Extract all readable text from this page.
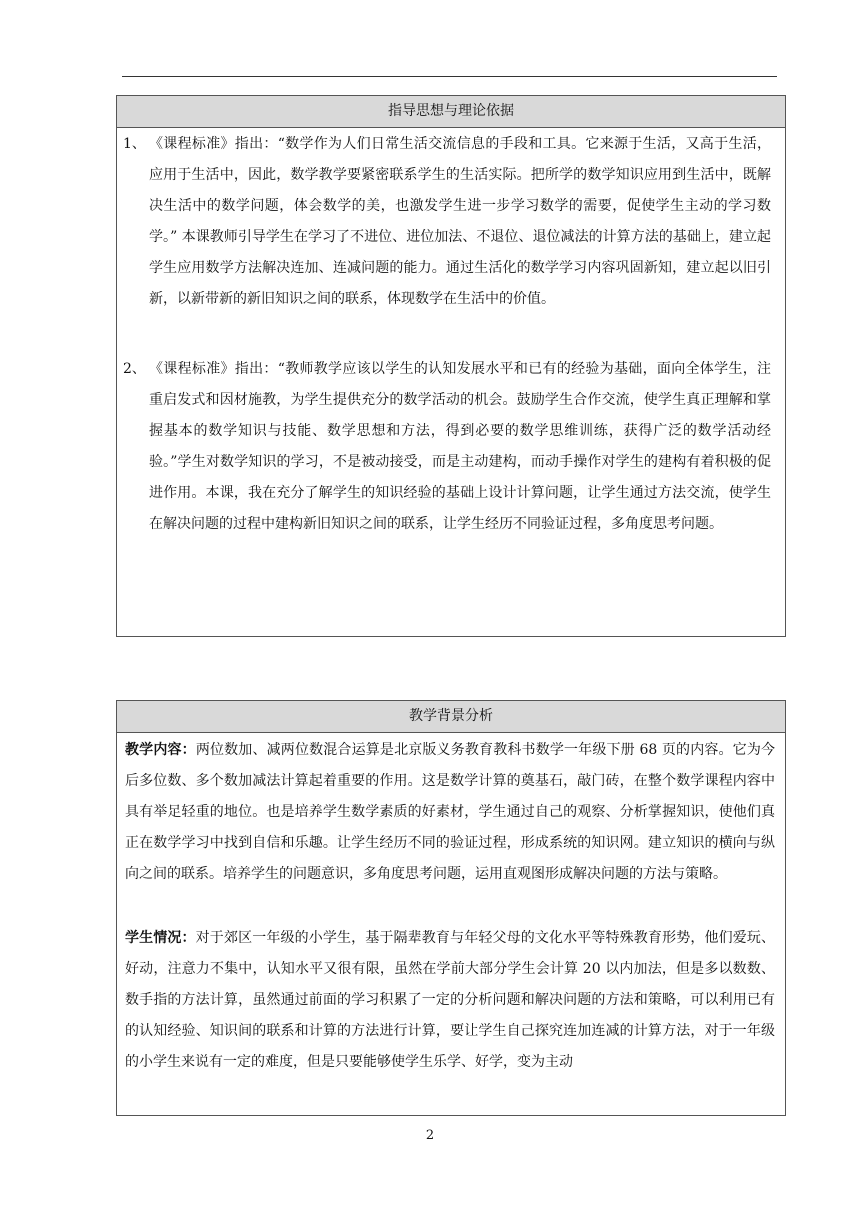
指导思想与理论依据
1、 《课程标准》指出：“数学作为人们日常生活交流信息的手段和工具。它来源于生活，又高于生活，应用于生活中，因此，数学教学要紧密联系学生的生活实际。把所学的数学知识应用到生活中，既解决生活中的数学问题，体会数学的美，也激发学生进一步学习数学的需要，促使学生主动的学习数学。” 本课教师引导学生在学习了不进位、进位加法、不退位、退位减法的计算方法的基础上，建立起学生应用数学方法解决连加、连减问题的能力。通过生活化的数学学习内容巩固新知，建立起以旧引新，以新带新的新旧知识之间的联系，体现数学在生活中的价值。
2、 《课程标准》指出：“教师教学应该以学生的认知发展水平和已有的经验为基础，面向全体学生，注重启发式和因材施教，为学生提供充分的数学活动的机会。鼓励学生合作交流，使学生真正理解和掌握基本的数学知识与技能、数学思想和方法，得到必要的数学思维训练，获得广泛的数学活动经验。”学生对数学知识的学习，不是被动接受，而是主动建构，而动手操作对学生的建构有着积极的促进作用。本课，我在充分了解学生的知识经验的基础上设计计算问题，让学生通过方法交流，使学生在解决问题的过程中建构新旧知识之间的联系，让学生经历不同验证过程，多角度思考问题。
教学背景分析
教学内容：两位数加、减两位数混合运算是北京版义务教育教科书数学一年级下册 68 页的内容。它为今后多位数、多个数加减法计算起着重要的作用。这是数学计算的奠基石，敲门砖，在整个数学课程内容中具有举足轻重的地位。也是培养学生数学素质的好素材，学生通过自己的观察、分析掌握知识，使他们真正在数学学习中找到自信和乐趣。让学生经历不同的验证过程，形成系统的知识网。建立知识的横向与纵向之间的联系。培养学生的问题意识，多角度思考问题，运用直观图形成解决问题的方法与策略。
学生情况：对于郊区一年级的小学生，基于隔辈教育与年轻父母的文化水平等特殊教育形势，他们爱玩、好动，注意力不集中，认知水平又很有限，虽然在学前大部分学生会计算 20 以内加法，但是多以数数、数手指的方法计算，虽然通过前面的学习积累了一定的分析问题和解决问题的方法和策略，可以利用已有的认知经验、知识间的联系和计算的方法进行计算，要让学生自己探究连加连减的计算方法，对于一年级的小学生来说有一定的难度，但是只要能够使学生乐学、好学，变为主动
2
